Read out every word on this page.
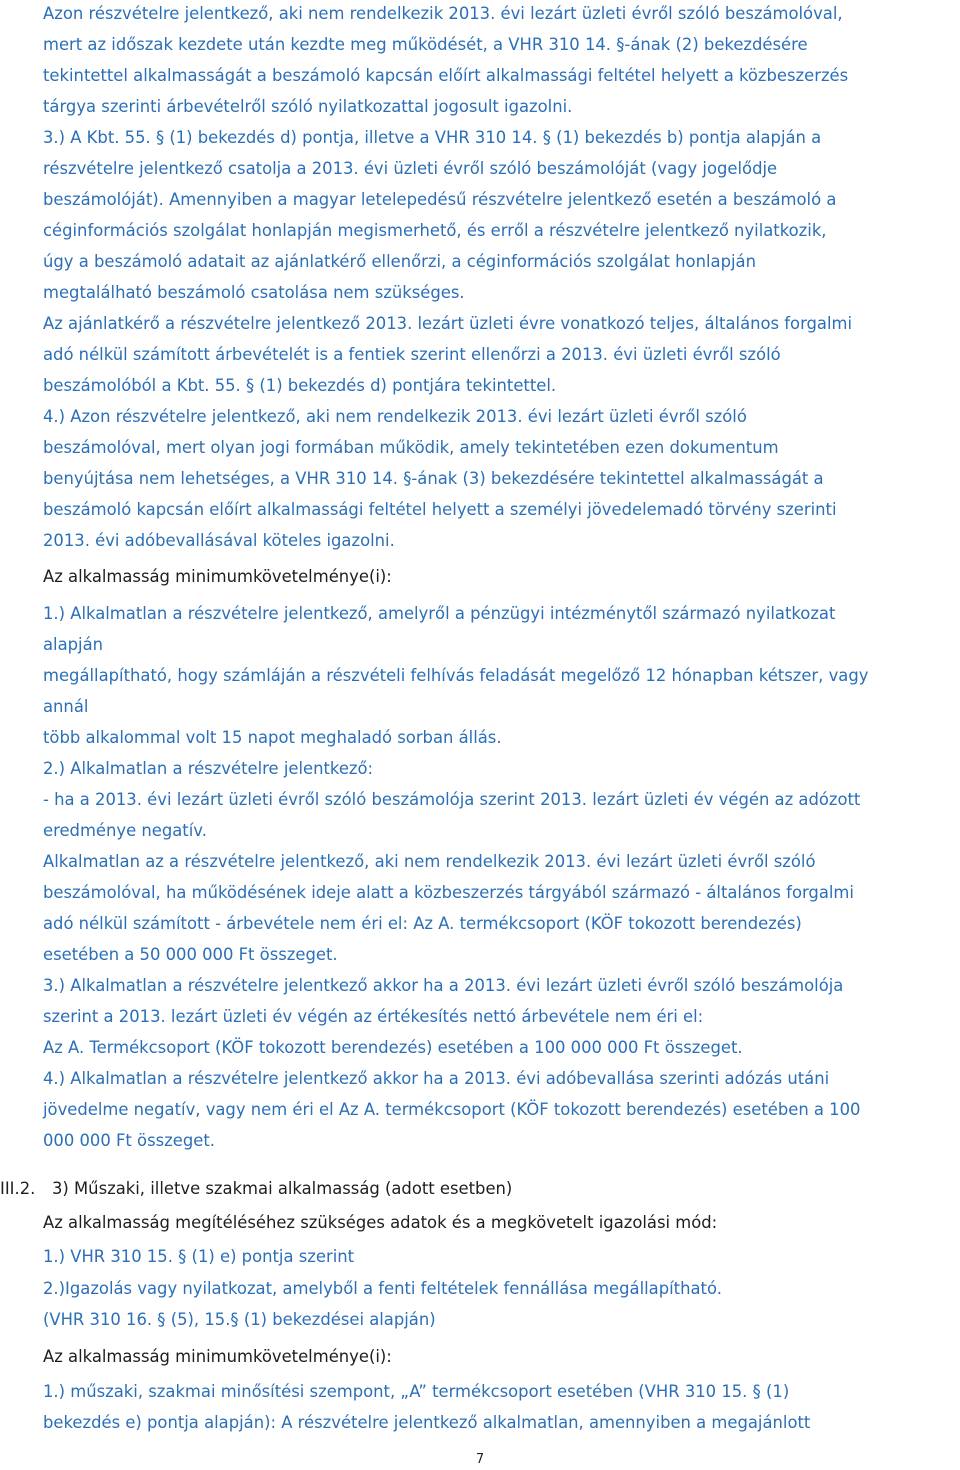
Azon részvételre jelentkező, aki nem rendelkezik 2013. évi lezárt üzleti évről szóló beszámolóval,
mert az időszak kezdete után kezdte meg működését, a VHR 310 14. §-ának (2) bekezdésére
tekintettel alkalmasságát a beszámoló kapcsán előírt alkalmassági feltétel helyett a közbeszerzés
tárgya szerinti árbevételről szóló nyilatkozattal jogosult igazolni.
3.) A Kbt. 55. § (1) bekezdés d) pontja, illetve a VHR 310 14. § (1) bekezdés b) pontja alapján a
részvételre jelentkező csatolja a 2013. évi üzleti évről szóló beszámolóját (vagy jogelődje
beszámolóját). Amennyiben a magyar letelepedésű részvételre jelentkező esetén a beszámoló a
céginformációs szolgálat honlapján megismerhető, és erről a részvételre jelentkező nyilatkozik,
úgy a beszámoló adatait az ajánlatkérő ellenőrzi, a céginformációs szolgálat honlapján
megtalálható beszámoló csatolása nem szükséges.
Az ajánlatkérő a részvételre jelentkező 2013. lezárt üzleti évre vonatkozó teljes, általános forgalmi
adó nélkül számított árbevételét is a fentiek szerint ellenőrzi a 2013. évi üzleti évről szóló
beszámolóból a Kbt. 55. § (1) bekezdés d) pontjára tekintettel.
4.) Azon részvételre jelentkező, aki nem rendelkezik 2013. évi lezárt üzleti évről szóló
beszámolóval, mert olyan jogi formában működik, amely tekintetében ezen dokumentum
benyújtása nem lehetséges, a VHR 310 14. §-ának (3) bekezdésére tekintettel alkalmasságát a
beszámoló kapcsán előírt alkalmassági feltétel helyett a személyi jövedelemadó törvény szerinti
2013. évi adóbevallásával köteles igazolni.
Az alkalmasság minimumkövetelménye(i):
1.) Alkalmatlan a részvételre jelentkező, amelyről a pénzügyi intézménytől származó nyilatkozat
alapján
megállapítható, hogy számláján a részvételi felhívás feladását megelőző 12 hónapban kétszer, vagy
annál
több alkalommal volt 15 napot meghaladó sorban állás.
2.) Alkalmatlan a részvételre jelentkező:
- ha a 2013. évi lezárt üzleti évről szóló beszámolója szerint 2013. lezárt üzleti év végén az adózott
eredménye negatív.
Alkalmatlan az a részvételre jelentkező, aki nem rendelkezik 2013. évi lezárt üzleti évről szóló
beszámolóval, ha működésének ideje alatt a közbeszerzés tárgyából származó - általános forgalmi
adó nélkül számított - árbevétele nem éri el: Az A. termékcsoport (KÖF tokozott berendezés)
esetében a 50 000 000 Ft összeget.
3.) Alkalmatlan a részvételre jelentkező akkor ha a 2013. évi lezárt üzleti évről szóló beszámolója
szerint a 2013. lezárt üzleti év végén az értékesítés nettó árbevétele nem éri el:
Az A. Termékcsoport (KÖF tokozott berendezés) esetében a 100 000 000 Ft összeget.
4.) Alkalmatlan a részvételre jelentkező akkor ha a 2013. évi adóbevallása szerinti adózás utáni
jövedelme negatív, vagy nem éri el Az A. termékcsoport (KÖF tokozott berendezés) esetében a 100
000 000 Ft összeget.
III.2. 3) Műszaki, illetve szakmai alkalmasság (adott esetben)
Az alkalmasság megítéléséhez szükséges adatok és a megkövetelt igazolási mód:
1.) VHR 310 15. § (1) e) pontja szerint
2.)Igazolás vagy nyilatkozat, amelyből a fenti feltételek fennállása megállapítható.
(VHR 310 16. § (5), 15.§ (1) bekezdései alapján)
Az alkalmasság minimumkövetelménye(i):
1.) műszaki, szakmai minősítési szempont, „A” termékcsoport esetében (VHR 310 15. § (1)
bekezdés e) pontja alapján): A részvételre jelentkező alkalmatlan, amennyiben a megajánlott
7
